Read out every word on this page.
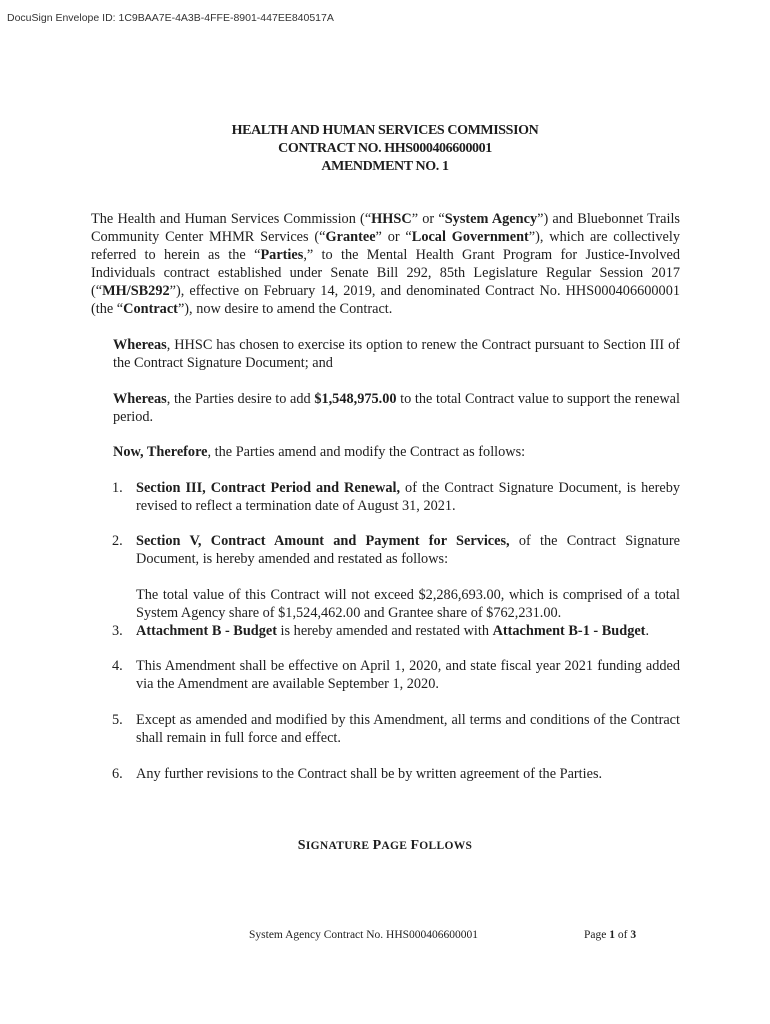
DocuSign Envelope ID: 1C9BAA7E-4A3B-4FFE-8901-447EE840517A
HEALTH AND HUMAN SERVICES COMMISSION
CONTRACT NO. HHS000406600001
AMENDMENT NO. 1

The Health and Human Services Commission (“HHSC” or “System Agency”) and Bluebonnet Trails Community Center MHMR Services (“Grantee” or “Local Government”), which are collectively referred to herein as the “Parties,” to the Mental Health Grant Program for Justice-Involved Individuals contract established under Senate Bill 292, 85th Legislature Regular Session 2017 (“MH/SB292”), effective on February 14, 2019, and denominated Contract No. HHS000406600001 (the “Contract”), now desire to amend the Contract.

Whereas, HHSC has chosen to exercise its option to renew the Contract pursuant to Section III of the Contract Signature Document; and

Whereas, the Parties desire to add $1,548,975.00 to the total Contract value to support the renewal period.

Now, Therefore, the Parties amend and modify the Contract as follows:

1. Section III, Contract Period and Renewal, of the Contract Signature Document, is hereby revised to reflect a termination date of August 31, 2021.

2. Section V, Contract Amount and Payment for Services, of the Contract Signature Document, is hereby amended and restated as follows:

The total value of this Contract will not exceed $2,286,693.00, which is comprised of a total System Agency share of $1,524,462.00 and Grantee share of $762,231.00.

3. Attachment B - Budget is hereby amended and restated with Attachment B-1 - Budget.

4. This Amendment shall be effective on April 1, 2020, and state fiscal year 2021 funding added via the Amendment are available September 1, 2020.

5. Except as amended and modified by this Amendment, all terms and conditions of the Contract shall remain in full force and effect.

6. Any further revisions to the Contract shall be by written agreement of the Parties.

SIGNATURE PAGE FOLLOWS
System Agency Contract No. HHS000406600001	Page 1 of 3
